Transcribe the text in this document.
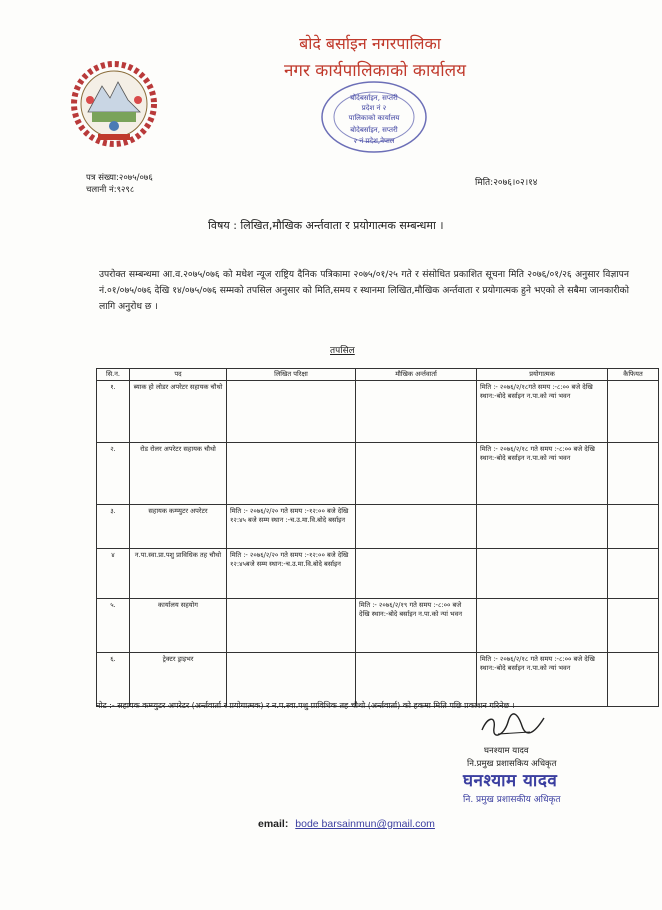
बोदे बर्साइन नगरपालिका
नगर कार्यपालिकाको कार्यालय
बोदेबर्साइन, सप्तरी
प्रदेश नं २
पालिकाको कार्यालय
बोदेबर्साइन, सप्तरी
२ नं प्रदेश,नेपाल
पत्र संख्या:२०७५/०७६
चलानी नं:९२९८
मिति:२०७६।०२।१४
विषय : लिखित,मौखिक अर्न्तवाता र प्रयोगात्मक सम्बन्धमा ।
उपरोक्त सम्बन्धमा आ.व.२०७५/०७६ को मधेश न्यूज राष्ट्रिय दैनिक पत्रिकामा २०७५/०१/२५ गते र संसोधित प्रकाशित सूचना मिति २०७६/०१/२६ अनुसार विज्ञापन नं.०१/०७५/०७६ देखि १४/०७५/०७६ सम्मको तपसिल अनुसार को मिति,समय र स्थानमा लिखित,मौखिक अर्न्तवाता र प्रयोगात्मक हुने भएको ले सबैमा जानकारीको लागि अनुरोध छ ।
तपसिल
सि.न.	पद	लिखित परिक्षा	मौखिक अर्न्तवार्ता	प्रयोगात्मक	कैफियत
१.	ब्याक हो लोडर अपरेटर सहायक चौथो			मिति :- २०७६/२/१८गते समय :-८:०० बजे देखि स्थान:-बोदे बर्साइन न.पा.को न्यां भवन	
२.	रोड रोलर अपरेटर सहायक चौथो			मिति :- २०७६/२/१८ गते समय :-८:०० बजे देखि स्थान:-बोदे बर्साइन न.पा.को न्यां भवन	
३.	सहायक कम्प्युटर अपरेटर	मिति :- २०७६/२/२० गते समय :-१२:०० बजे देखि १२:४५ बजे सम्म स्थान :-च.उ.मा.वि.बोदे बर्साइन			
४	न.पा.स्वा.प्रा.पशु प्राविधिक तह चौथो	मिति :- २०७६/२/२० गते समय :-१२:०० बजे देखि १२:४५बजे सम्म स्थान:-च.उ.मा.वि.बोदे बर्साइन			
५.	कार्यालय सहयोग		मिति :- २०७६/२/१९ गते समय :-८:०० बजे देखि स्थान:-बोदे बर्साइन न.पा.को न्यां भवन		
६.	ट्रेक्टर ड्राइभर			मिति :- २०७६/२/१८ गते समय :-८:०० बजे देखि स्थान:-बोदे बर्साइन न.पा.को न्यां भवन	
नोट :- सहायक कम्प्युटर अपरेटर (अर्न्तवार्ता र प्रयोगात्मक) र न.प.स्वा.पशु प्राविधिक तह चौथो (अर्न्तवार्ता) को हकमा मिति पछि प्रकाशन गरिनेछ ।
घनश्याम यादव
नि.प्रमुख प्रशासकिय अधिकृत
घनश्याम यादव
नि. प्रमुख प्रशासकीय अधिकृत
email: bode barsainmun@gmail.com
